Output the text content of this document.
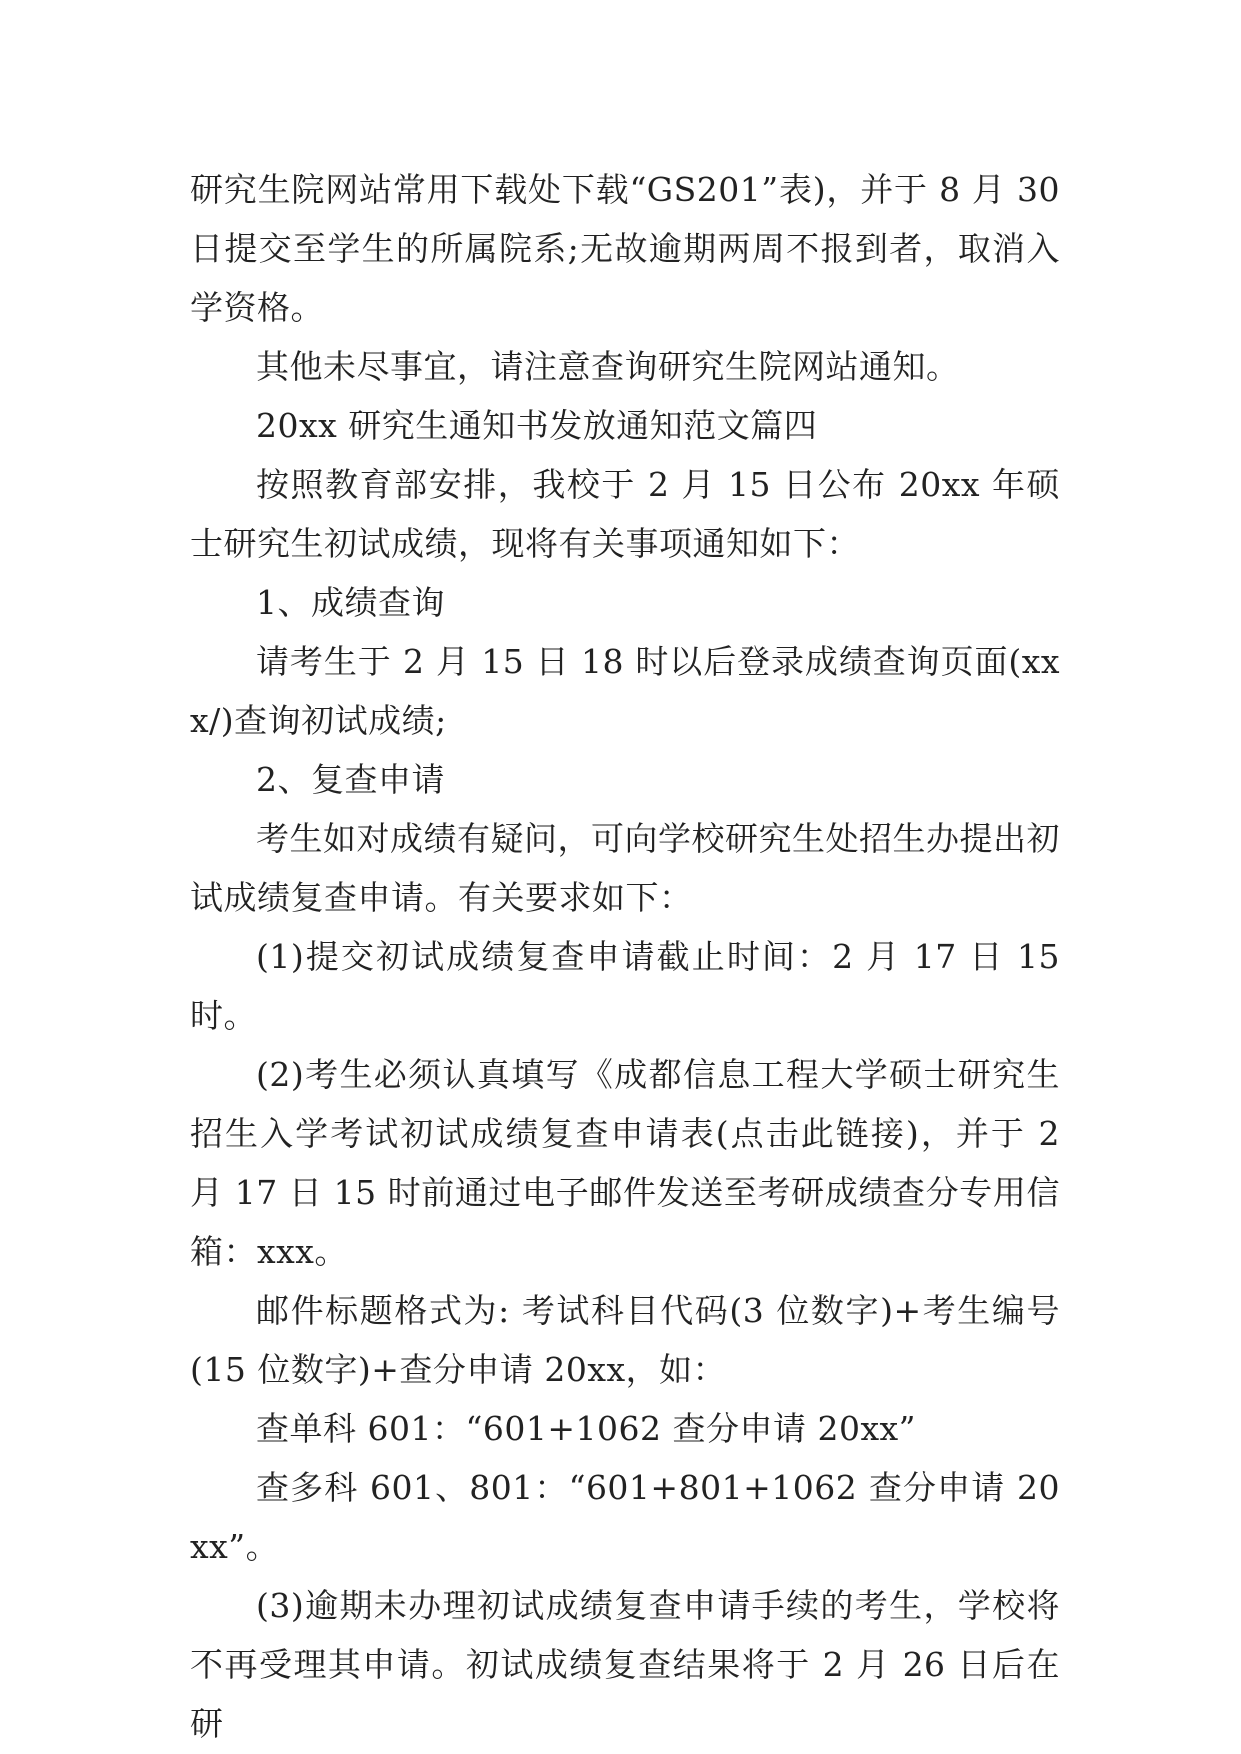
研究生院网站常用下载处下载“GS201”表)，并于 8 月 30 日提交至学生的所属院系;无故逾期两周不报到者，取消入学资格。

其他未尽事宜，请注意查询研究生院网站通知。

20xx 研究生通知书发放通知范文篇四

按照教育部安排，我校于 2 月 15 日公布 20xx 年硕士研究生初试成绩，现将有关事项通知如下：

1、成绩查询

请考生于 2 月 15 日 18 时以后登录成绩查询页面(xxx/)查询初试成绩;

2、复查申请

考生如对成绩有疑问，可向学校研究生处招生办提出初试成绩复查申请。有关要求如下：

(1)提交初试成绩复查申请截止时间：2 月 17 日 15 时。

(2)考生必须认真填写《成都信息工程大学硕士研究生招生入学考试初试成绩复查申请表(点击此链接)，并于 2 月 17 日 15 时前通过电子邮件发送至考研成绩查分专用信箱：xxx。

邮件标题格式为: 考试科目代码(3 位数字)+考生编号(15 位数字)+查分申请 20xx，如：

查单科 601：“601+1062 查分申请 20xx”

查多科 601、801：“601+801+1062 查分申请 20xx”。

(3)逾期未办理初试成绩复查申请手续的考生，学校将不再受理其申请。初试成绩复查结果将于 2 月 26 日后在研
